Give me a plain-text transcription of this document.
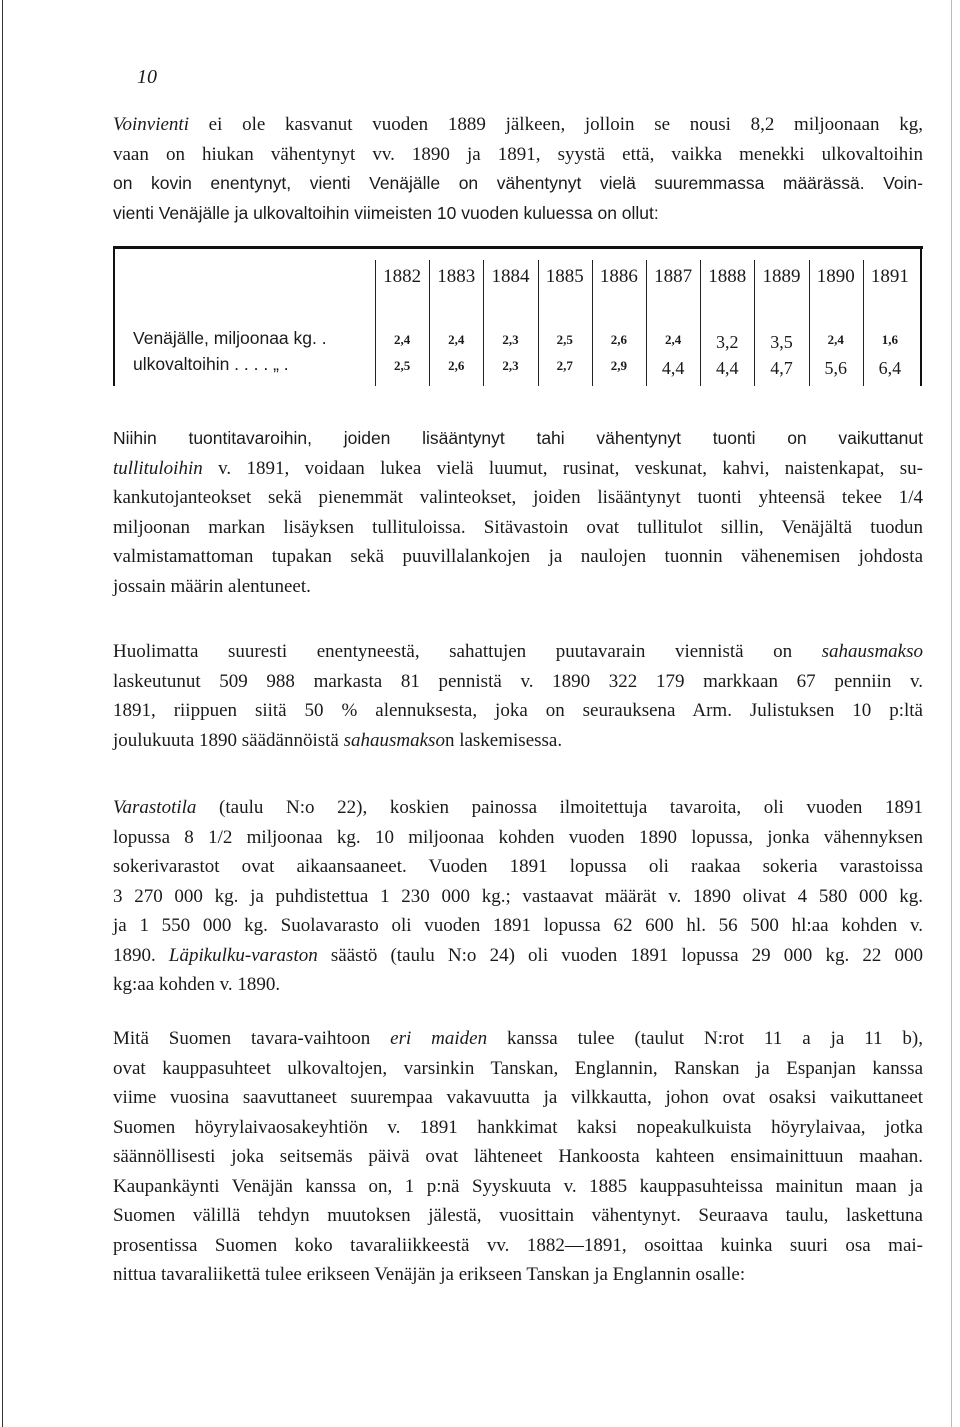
10
Voinvienti ei ole kasvanut vuoden 1889 jälkeen, jolloin se nousi 8,2 miljoonaan kg,
vaan on hiukan vähentynyt vv. 1890 ja 1891, syystä että, vaikka menekki ulkovaltoihin
on kovin enentynyt, vienti Venäjälle on vähentynyt vielä suuremmassa määrässä. Voin-
vienti Venäjälle ja ulkovaltoihin viimeisten 10 vuoden kuluessa on ollut:
1882
2,4
2,5
1883
2,4
2,6
1884
2,3
2,3
1885
2,5
2,7
1886
2,6
2,9
1887
2,4
4,4
1888
3,2
4,4
1889
3,5
4,7
1890
2,4
5,6
1891
1,6
6,4
Venäjälle, miljoonaa kg. .
ulkovaltoihin . . . . „ .
Niihin tuontitavaroihin, joiden lisääntynyt tahi vähentynyt tuonti on vaikuttanut
tullituloihin v. 1891, voidaan lukea vielä luumut, rusinat, veskunat, kahvi, naistenkapat, su-
kankutojanteokset sekä pienemmät valinteokset, joiden lisääntynyt tuonti yhteensä tekee 1/4
miljoonan markan lisäyksen tullituloissa. Sitävastoin ovat tullitulot sillin, Venäjältä tuodun
valmistamattoman tupakan sekä puuvillalankojen ja naulojen tuonnin vähenemisen johdosta
jossain määrin alentuneet.
Huolimatta suuresti enentyneestä, sahattujen puutavarain viennistä on sahausmakso
laskeutunut 509 988 markasta 81 pennistä v. 1890 322 179 markkaan 67 penniin v.
1891, riippuen siitä 50 % alennuksesta, joka on seurauksena Arm. Julistuksen 10 p:ltä
joulukuuta 1890 säädännöistä sahausmakson laskemisessa.
Varastotila (taulu N:o 22), koskien painossa ilmoitettuja tavaroita, oli vuoden 1891
lopussa 8 1/2 miljoonaa kg. 10 miljoonaa kohden vuoden 1890 lopussa, jonka vähennyksen
sokerivarastot ovat aikaansaaneet. Vuoden 1891 lopussa oli raakaa sokeria varastoissa
3 270 000 kg. ja puhdistettua 1 230 000 kg.; vastaavat määrät v. 1890 olivat 4 580 000 kg.
ja 1 550 000 kg. Suolavarasto oli vuoden 1891 lopussa 62 600 hl. 56 500 hl:aa kohden v.
1890. Läpikulku-varaston säästö (taulu N:o 24) oli vuoden 1891 lopussa 29 000 kg. 22 000
kg:aa kohden v. 1890.
Mitä Suomen tavara-vaihtoon eri maiden kanssa tulee (taulut N:rot 11 a ja 11 b),
ovat kauppasuhteet ulkovaltojen, varsinkin Tanskan, Englannin, Ranskan ja Espanjan kanssa
viime vuosina saavuttaneet suurempaa vakavuutta ja vilkkautta, johon ovat osaksi vaikuttaneet
Suomen höyrylaivaosakeyhtiön v. 1891 hankkimat kaksi nopeakulkuista höyrylaivaa, jotka
säännöllisesti joka seitsemäs päivä ovat lähteneet Hankoosta kahteen ensimainittuun maahan.
Kaupankäynti Venäjän kanssa on, 1 p:nä Syyskuuta v. 1885 kauppasuhteissa mainitun maan ja
Suomen välillä tehdyn muutoksen jälestä, vuosittain vähentynyt. Seuraava taulu, laskettuna
prosentissa Suomen koko tavaraliikkeestä vv. 1882—1891, osoittaa kuinka suuri osa mai-
nittua tavaraliikettä tulee erikseen Venäjän ja erikseen Tanskan ja Englannin osalle:
